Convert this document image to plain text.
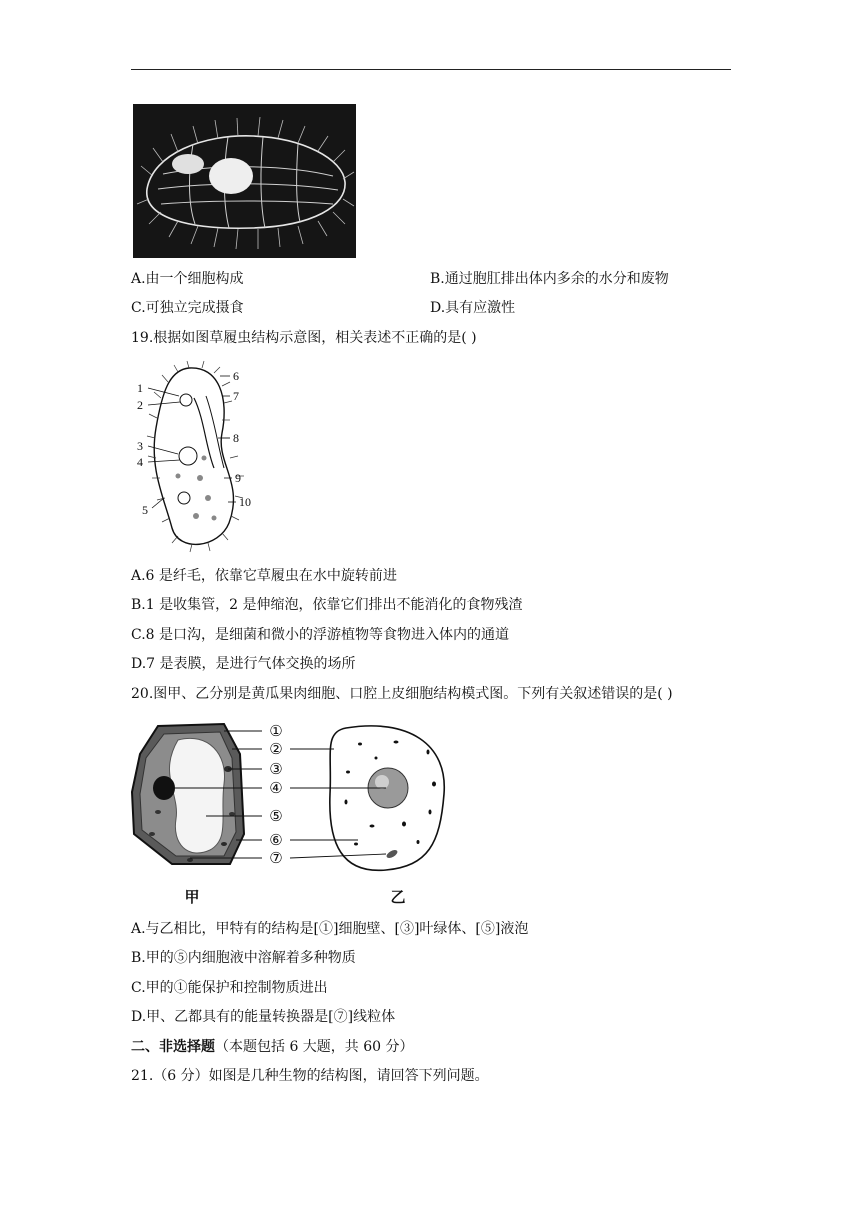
A.由一个细胞构成	B.通过胞肛排出体内多余的水分和废物
C.可独立完成摄食	D.具有应激性
19.根据如图草履虫结构示意图，相关表述不正确的是( )
1
2
3
4
5
6
7
8
9
10
A.6 是纤毛，依靠它草履虫在水中旋转前进
B.1 是收集管，2 是伸缩泡，依靠它们排出不能消化的食物残渣
C.8 是口沟，是细菌和微小的浮游植物等食物进入体内的通道
D.7 是表膜，是进行气体交换的场所
20.图甲、乙分别是黄瓜果肉细胞、口腔上皮细胞结构模式图。下列有关叙述错误的是( )
①
②
③
④
⑤
⑥
⑦
甲	乙
A.与乙相比，甲特有的结构是[①]细胞壁、[③]叶绿体、[⑤]液泡
B.甲的⑤内细胞液中溶解着多种物质
C.甲的①能保护和控制物质进出
D.甲、乙都具有的能量转换器是[⑦]线粒体
二、非选择题（本题包括 6 大题，共 60 分）
21.（6 分）如图是几种生物的结构图，请回答下列问题。
